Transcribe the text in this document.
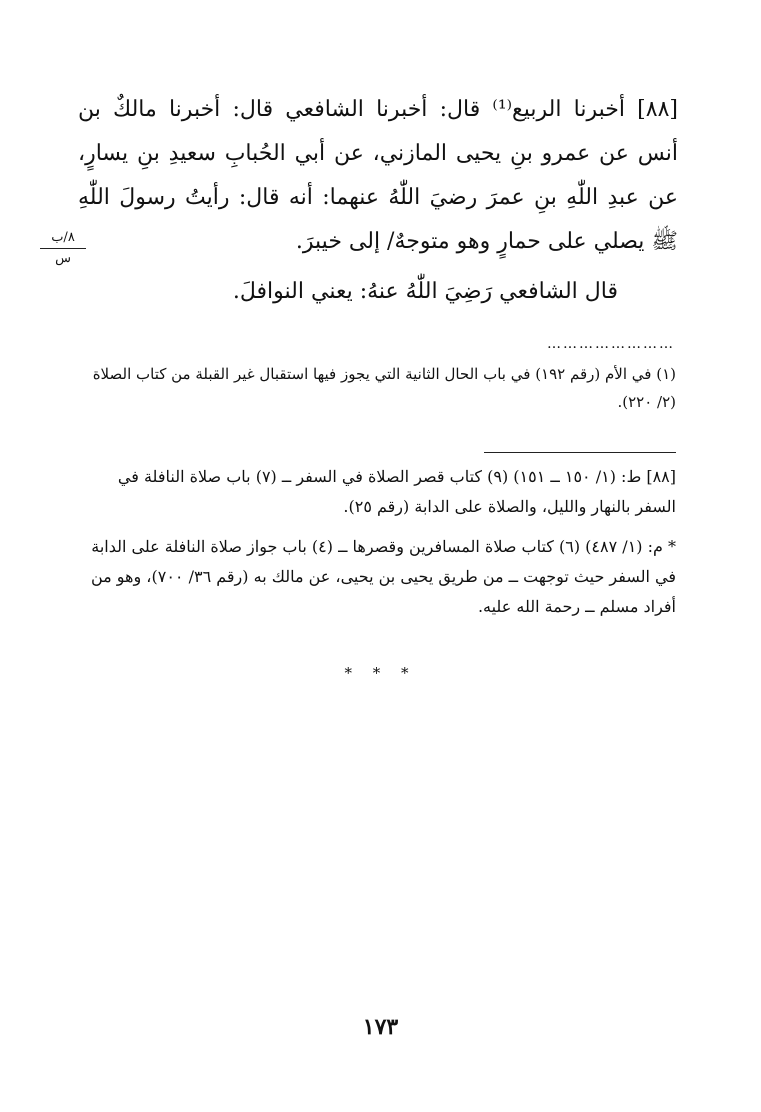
[٨٨] أخبرنا الربيع⁽¹⁾ قال: أخبرنا الشافعي قال: أخبرنا مالكٌ بن أنس عن عمرو بنِ يحيى المازني، عن أبي الحُبابِ سعيدِ بنِ يسارٍ، عن عبدِ اللّٰهِ بنِ عمرَ رضيَ اللّٰهُ عنهما: أنه قال: رأيتُ رسولَ اللّٰهِ ﷺ يصلي على حمارٍ وهو متوجهٌ/ إلى خيبرَ.

قال الشافعي رَضِيَ اللّٰهُ عنهُ: يعني النوافلَ.

٨/ب
س
……………………
(١) في الأم (رقم ١٩٢) في باب الحال الثانية التي يجوز فيها استقبال غير القبلة من كتاب الصلاة (٢/ ٢٢٠).

[٨٨] ط: (١/ ١٥٠ ــ ١٥١) (٩) كتاب قصر الصلاة في السفر ــ (٧) باب صلاة النافلة في السفر بالنهار والليل، والصلاة على الدابة (رقم ٢٥).

* م: (١/ ٤٨٧) (٦) كتاب صلاة المسافرين وقصرها ــ (٤) باب جواز صلاة النافلة على الدابة في السفر حيث توجهت ــ من طريق يحيى بن يحيى، عن مالك به (رقم ٣٦/ ٧٠٠)، وهو من أفراد مسلم ــ رحمة الله عليه.

* * *
١٧٣
